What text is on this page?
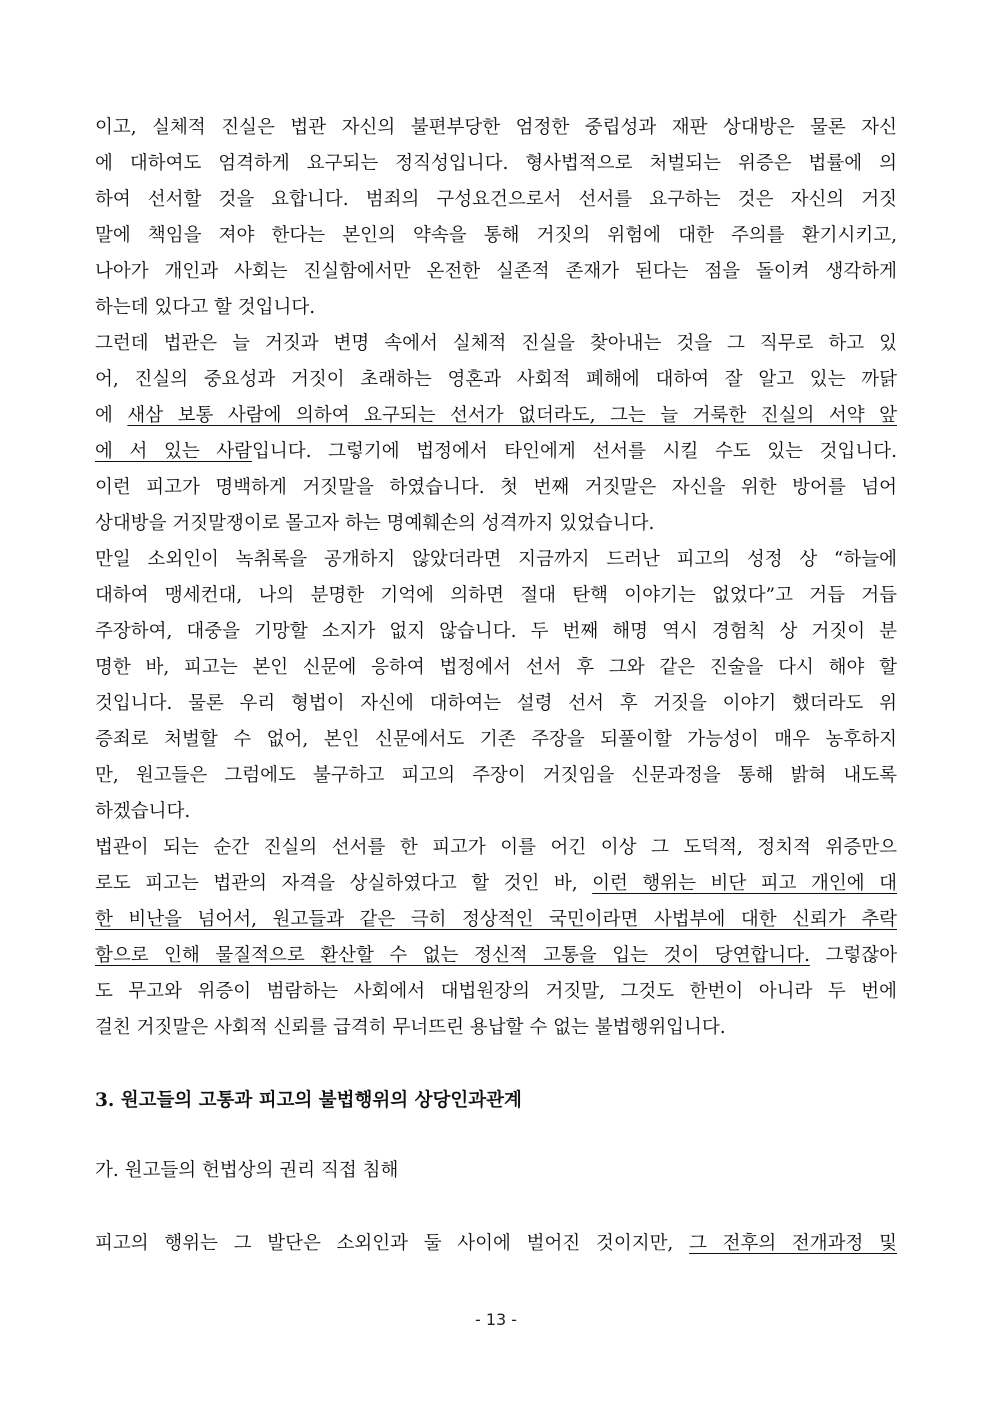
이고, 실체적 진실은 법관 자신의 불편부당한 엄정한 중립성과 재판 상대방은 물론 자신
에 대하여도 엄격하게 요구되는 정직성입니다. 형사법적으로 처벌되는 위증은 법률에 의
하여 선서할 것을 요합니다. 범죄의 구성요건으로서 선서를 요구하는 것은 자신의 거짓
말에 책임을 져야 한다는 본인의 약속을 통해 거짓의 위험에 대한 주의를 환기시키고,
나아가 개인과 사회는 진실함에서만 온전한 실존적 존재가 된다는 점을 돌이켜 생각하게
하는데 있다고 할 것입니다.
그런데 법관은 늘 거짓과 변명 속에서 실체적 진실을 찾아내는 것을 그 직무로 하고 있
어, 진실의 중요성과 거짓이 초래하는 영혼과 사회적 폐해에 대하여 잘 알고 있는 까닭
에 새삼 보통 사람에 의하여 요구되는 선서가 없더라도, 그는 늘 거룩한 진실의 서약 앞
에 서 있는 사람입니다. 그렇기에 법정에서 타인에게 선서를 시킬 수도 있는 것입니다.
이런 피고가 명백하게 거짓말을 하였습니다. 첫 번째 거짓말은 자신을 위한 방어를 넘어
상대방을 거짓말쟁이로 몰고자 하는 명예훼손의 성격까지 있었습니다.
만일 소외인이 녹취록을 공개하지 않았더라면 지금까지 드러난 피고의 성정 상 “하늘에
대하여 맹세컨대, 나의 분명한 기억에 의하면 절대 탄핵 이야기는 없었다”고 거듭 거듭
주장하여, 대중을 기망할 소지가 없지 않습니다. 두 번째 해명 역시 경험칙 상 거짓이 분
명한 바, 피고는 본인 신문에 응하여 법정에서 선서 후 그와 같은 진술을 다시 해야 할
것입니다. 물론 우리 형법이 자신에 대하여는 설령 선서 후 거짓을 이야기 했더라도 위
증죄로 처벌할 수 없어, 본인 신문에서도 기존 주장을 되풀이할 가능성이 매우 농후하지
만, 원고들은 그럼에도 불구하고 피고의 주장이 거짓임을 신문과정을 통해 밝혀 내도록
하겠습니다.
법관이 되는 순간 진실의 선서를 한 피고가 이를 어긴 이상 그 도덕적, 정치적 위증만으
로도 피고는 법관의 자격을 상실하였다고 할 것인 바, 이런 행위는 비단 피고 개인에 대
한 비난을 넘어서, 원고들과 같은 극히 정상적인 국민이라면 사법부에 대한 신뢰가 추락
함으로 인해 물질적으로 환산할 수 없는 정신적 고통을 입는 것이 당연합니다. 그렇잖아
도 무고와 위증이 범람하는 사회에서 대법원장의 거짓말, 그것도 한번이 아니라 두 번에
걸친 거짓말은 사회적 신뢰를 급격히 무너뜨린 용납할 수 없는 불법행위입니다.
3. 원고들의 고통과 피고의 불법행위의 상당인과관계
가. 원고들의 헌법상의 권리 직접 침해
피고의 행위는 그 발단은 소외인과 둘 사이에 벌어진 것이지만, 그 전후의 전개과정 및
- 13 -
